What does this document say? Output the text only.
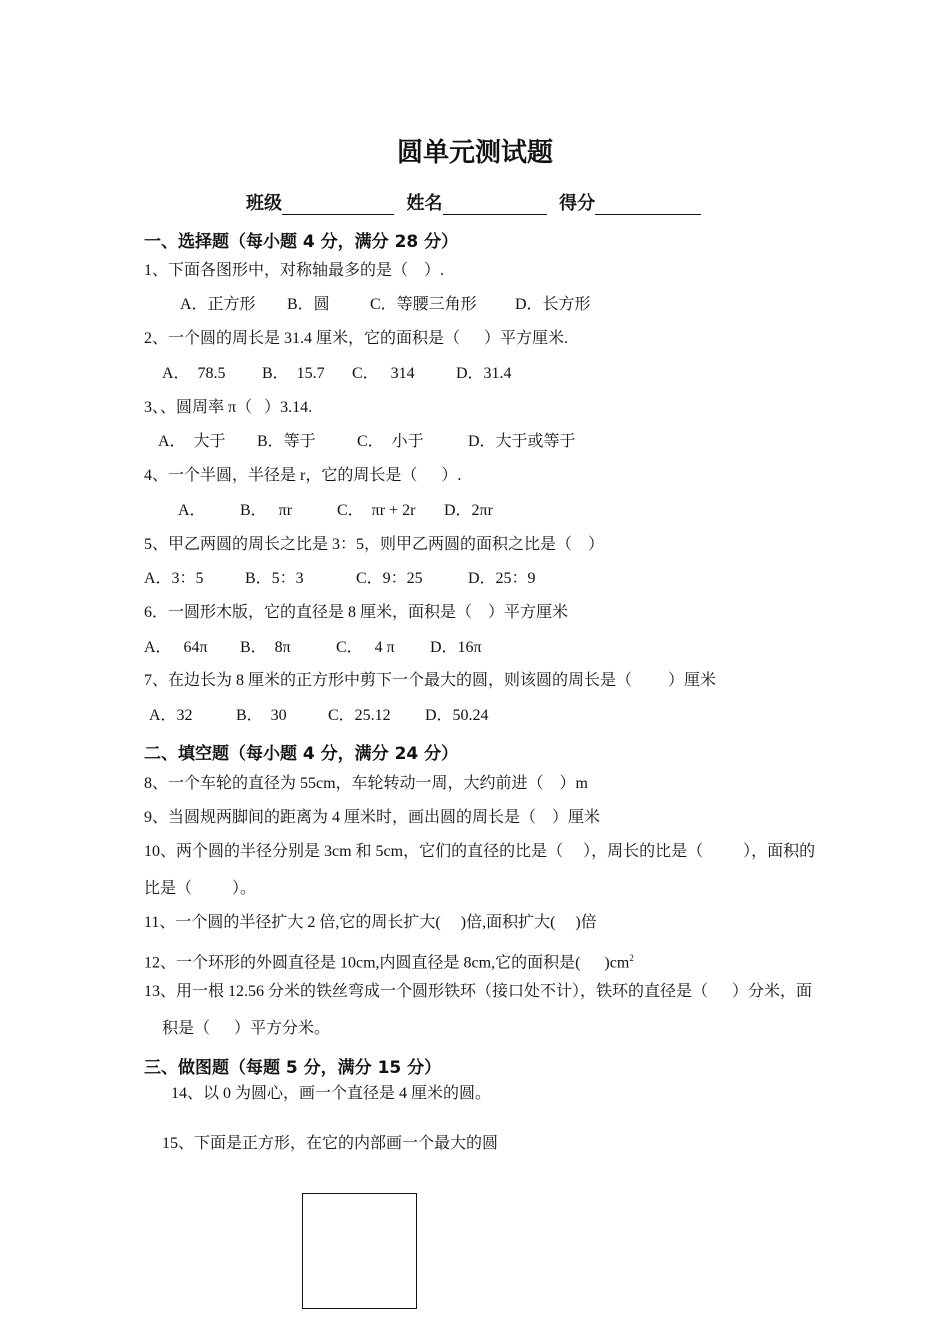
圆单元测试题
班级	姓名	得分
一、选择题（每小题 4 分，满分 28 分）
1、下面各图形中，对称轴最多的是（    ）.
A．正方形 B．圆	C．等腰三角形 D．长方形
2、一个圆的周长是 31.4 厘米，它的面积是（      ）平方厘米.
A．  78.5 B．  15.7 C．   314	D．31.4
3、、圆周率 π（   ）3.14.
A．  大于 B．等于	C．  小于	D．大于或等于
4、一个半圆，半径是 r，它的周长是（      ）.
A． B．   πr	C．  πr + 2r D．2πr
5、甲乙两圆的周长之比是 3：5，则甲乙两圆的面积之比是（    ）
A．3：5	B．5：3	C．9：25	D．25：9
6．一圆形木版，它的直径是 8 厘米，面积是（    ）平方厘米
A．   64π B．  8π	C．   4 π D．16π
7、在边长为 8 厘米的正方形中剪下一个最大的圆，则该圆的周长是（         ）厘米
A．32	B．  30	C．25.12 D．50.24
二、填空题（每小题 4 分，满分 24 分）
8、一个车轮的直径为 55cm，车轮转动一周，大约前进（    ）m
9、当圆规两脚间的距离为 4 厘米时，画出圆的周长是（    ）厘米
10、两个圆的半径分别是 3cm 和 5cm，它们的直径的比是（     ），周长的比是（          ），面积的
比是（          ）。
11、一个圆的半径扩大 2 倍,它的周长扩大(     )倍,面积扩大(     )倍
12、一个环形的外圆直径是 10cm,内圆直径是 8cm,它的面积是(      )$cm^2$
13、用一根 12.56 分米的铁丝弯成一个圆形铁环（接口处不计），铁环的直径是（      ）分米，面
积是（      ）平方分米。
三、做图题（每题 5 分，满分 15 分）
14、以 0 为圆心，画一个直径是 4 厘米的圆。
15、下面是正方形，在它的内部画一个最大的圆
